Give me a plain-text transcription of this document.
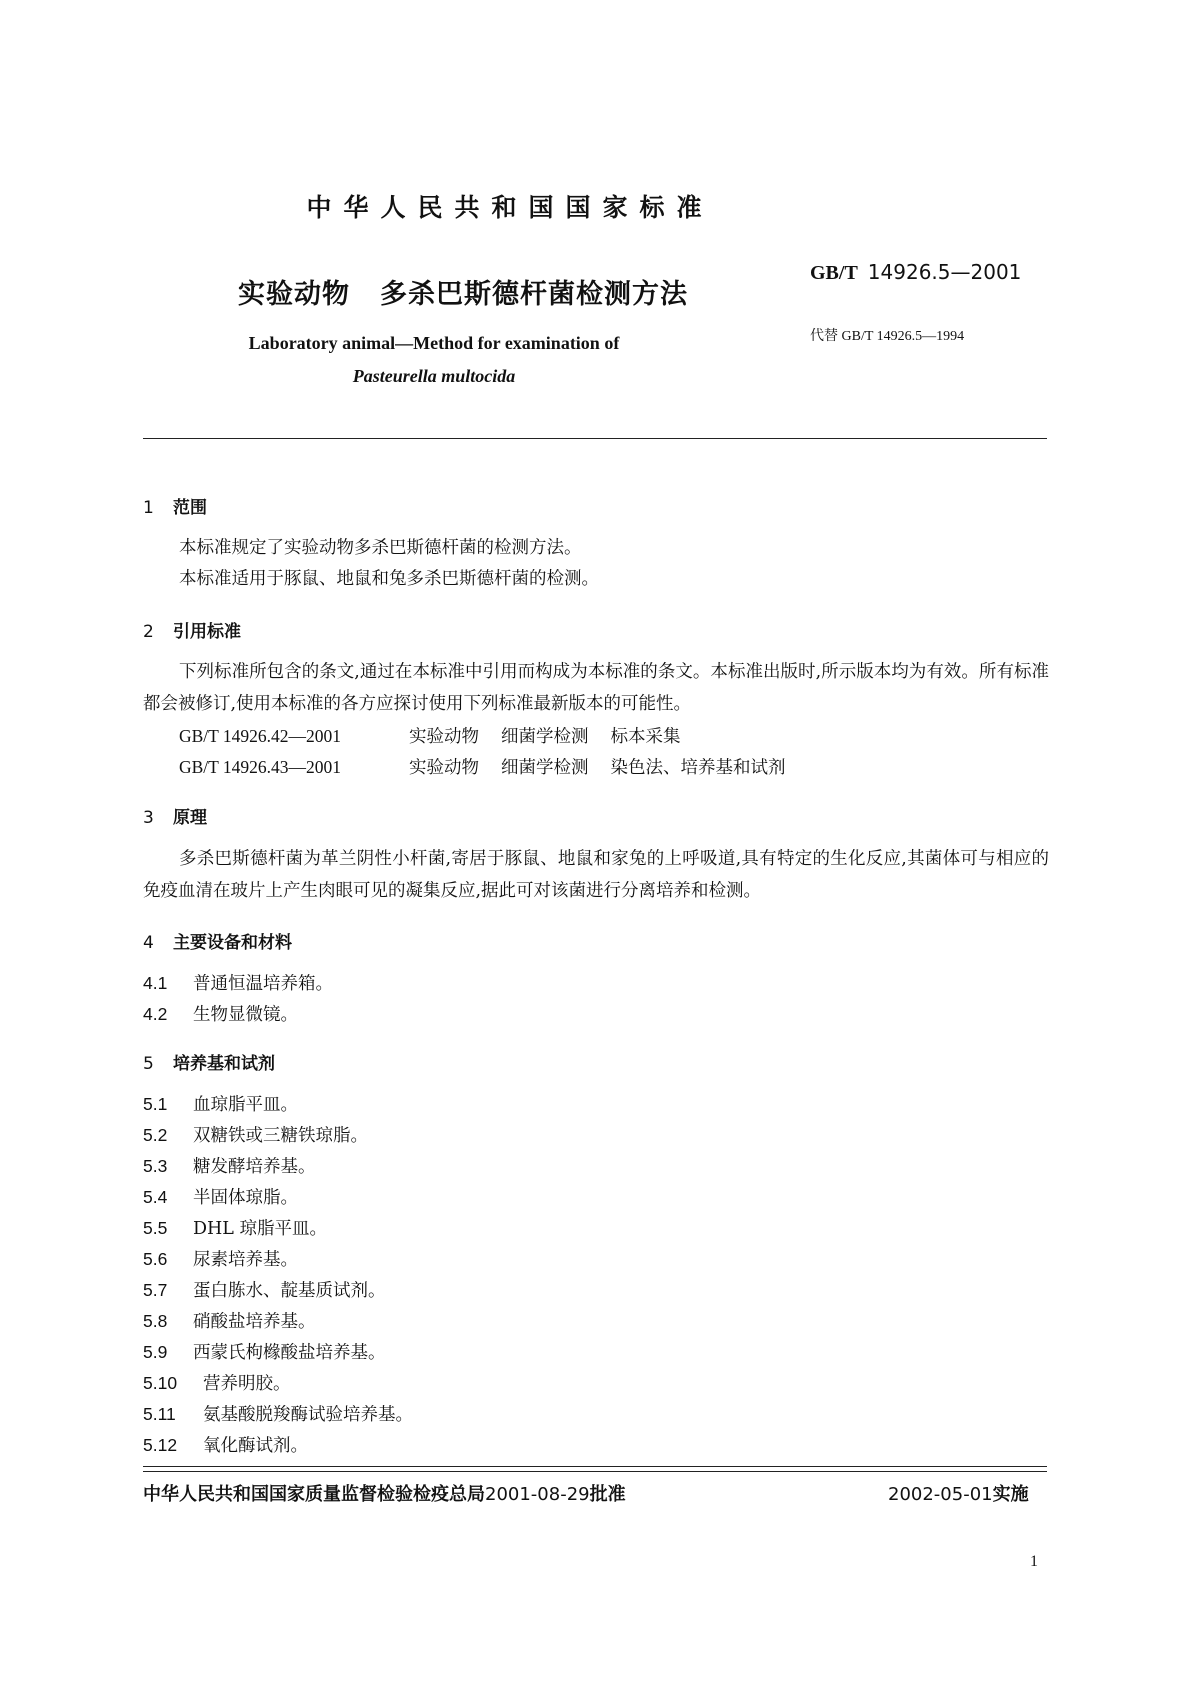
中华人民共和国国家标准
实验动物 多杀巴斯德杆菌检测方法
GB/T 14926.5—2001
代替 GB/T 14926.5—1994
Laboratory animal—Method for examination of
Pasteurella multocida
1 范围
本标准规定了实验动物多杀巴斯德杆菌的检测方法。
本标准适用于豚鼠、地鼠和兔多杀巴斯德杆菌的检测。
2 引用标准
下列标准所包含的条文,通过在本标准中引用而构成为本标准的条文。本标准出版时,所示版本均为有效。所有标准都会被修订,使用本标准的各方应探讨使用下列标准最新版本的可能性。
GB/T 14926.42—2001	实验动物 细菌学检测 标本采集
GB/T 14926.43—2001	实验动物 细菌学检测 染色法、培养基和试剂
3 原理
多杀巴斯德杆菌为革兰阴性小杆菌,寄居于豚鼠、地鼠和家兔的上呼吸道,具有特定的生化反应,其菌体可与相应的免疫血清在玻片上产生肉眼可见的凝集反应,据此可对该菌进行分离培养和检测。
4 主要设备和材料
4.1 普通恒温培养箱。
4.2 生物显微镜。
5 培养基和试剂
5.1 血琼脂平皿。
5.2 双糖铁或三糖铁琼脂。
5.3 糖发酵培养基。
5.4 半固体琼脂。
5.5 DHL 琼脂平皿。
5.6 尿素培养基。
5.7 蛋白胨水、靛基质试剂。
5.8 硝酸盐培养基。
5.9 西蒙氏枸橼酸盐培养基。
5.10 营养明胶。
5.11 氨基酸脱羧酶试验培养基。
5.12 氧化酶试剂。
中华人民共和国国家质量监督检验检疫总局2001-08-29批准	2002-05-01实施
1
